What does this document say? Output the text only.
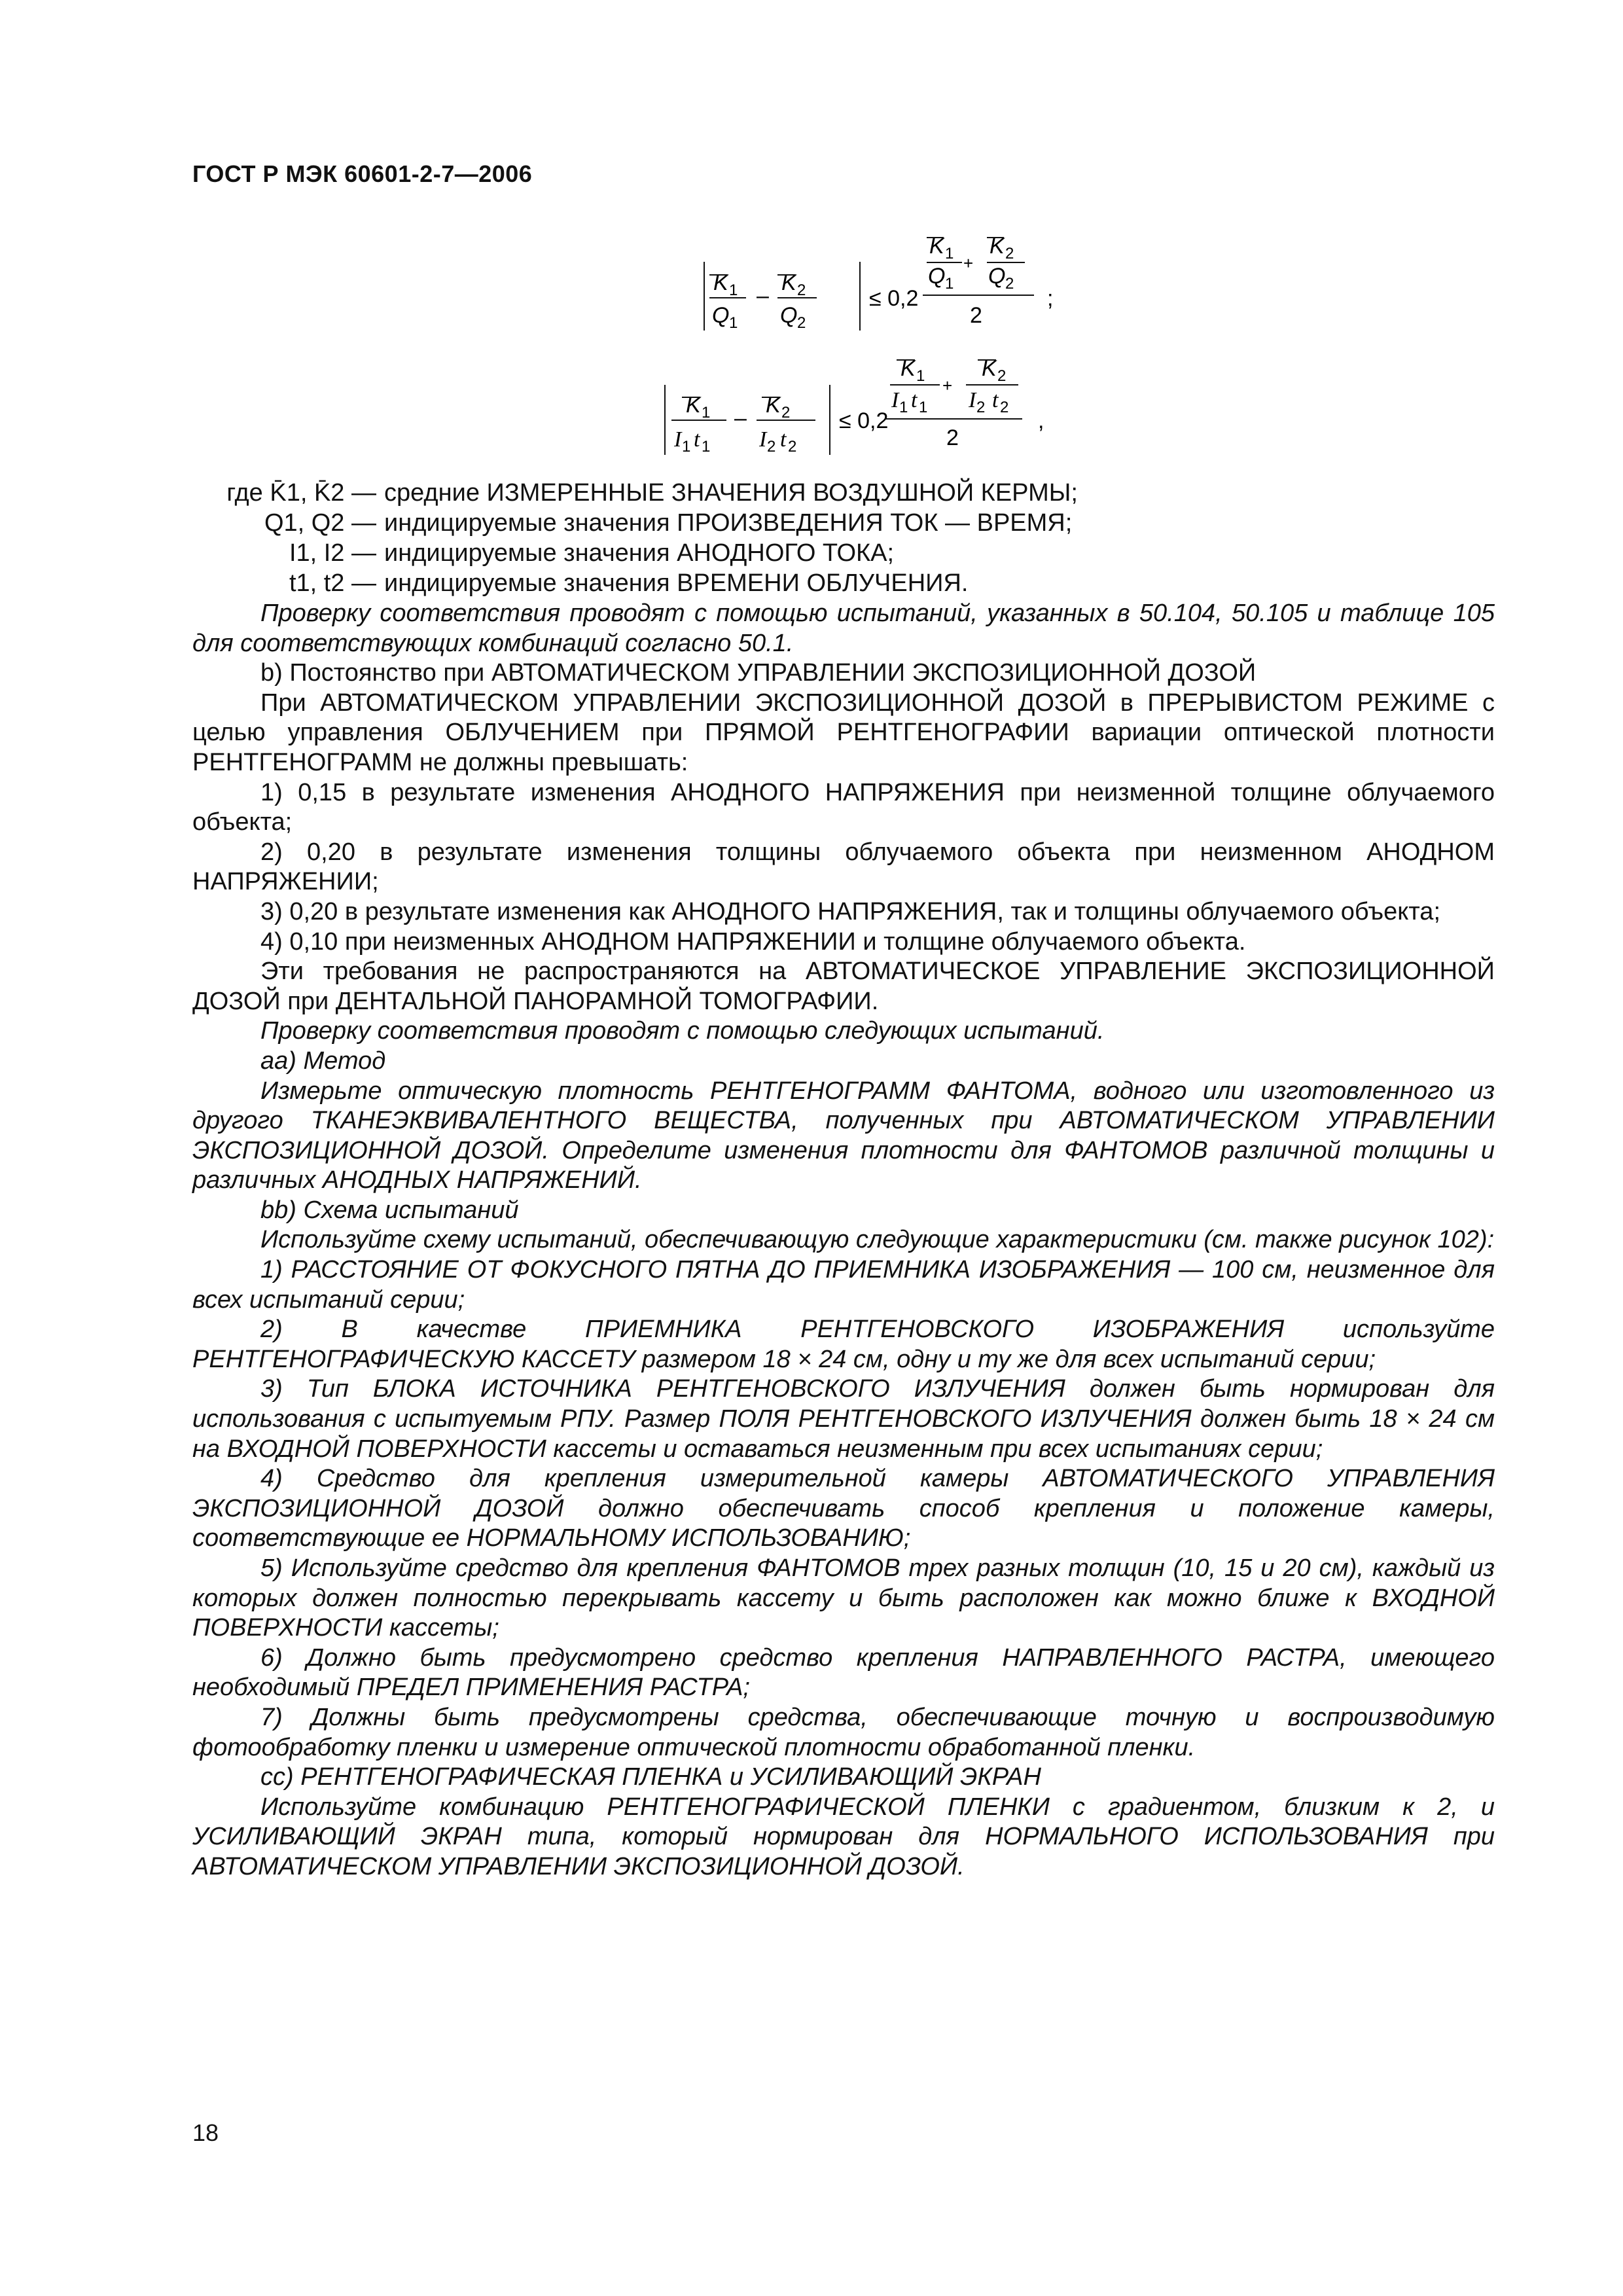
ГОСТ Р МЭК 60601-2-7—2006
K 1
Q 1
–
K 2
Q 2
≤ 0,2
K 1
Q 1
+
K 2
Q 2
2
;
K 1
I 1 t 1
–
K 2
I 2 t 2
≤ 0,2
K 1
I 1 t 1
+
K 2
I 2 t 2
2
,
где K̄1, K̄2 — средние ИЗМЕРЕННЫЕ ЗНАЧЕНИЯ ВОЗДУШНОЙ КЕРМЫ;
Q1, Q2 — индицируемые значения ПРОИЗВЕДЕНИЯ ТОК — ВРЕМЯ;
I1, I2 — индицируемые значения АНОДНОГО ТОКА;
t1, t2 — индицируемые значения ВРЕМЕНИ ОБЛУЧЕНИЯ.

Проверку соответствия проводят с помощью испытаний, указанных в 50.104, 50.105 и таблице 105 для соответствующих комбинаций согласно 50.1.

b) Постоянство при АВТОМАТИЧЕСКОМ УПРАВЛЕНИИ ЭКСПОЗИЦИОННОЙ ДОЗОЙ

При АВТОМАТИЧЕСКОМ УПРАВЛЕНИИ ЭКСПОЗИЦИОННОЙ ДОЗОЙ в ПРЕРЫВИСТОМ РЕЖИМЕ с целью управления ОБЛУЧЕНИЕМ при ПРЯМОЙ РЕНТГЕНОГРАФИИ вариации оптической плотности РЕНТГЕНОГРАММ не должны превышать:

1) 0,15 в результате изменения АНОДНОГО НАПРЯЖЕНИЯ при неизменной толщине облучаемого объекта;

2) 0,20 в результате изменения толщины облучаемого объекта при неизменном АНОДНОМ НАПРЯЖЕНИИ;

3) 0,20 в результате изменения как АНОДНОГО НАПРЯЖЕНИЯ, так и толщины облучаемого объекта;

4) 0,10 при неизменных АНОДНОМ НАПРЯЖЕНИИ и толщине облучаемого объекта.

Эти требования не распространяются на АВТОМАТИЧЕСКОЕ УПРАВЛЕНИЕ ЭКСПОЗИЦИОННОЙ ДОЗОЙ при ДЕНТАЛЬНОЙ ПАНОРАМНОЙ ТОМОГРАФИИ.

Проверку соответствия проводят с помощью следующих испытаний.

aa) Метод

Измерьте оптическую плотность РЕНТГЕНОГРАММ ФАНТОМА, водного или изготовленного из другого ТКАНЕЭКВИВАЛЕНТНОГО ВЕЩЕСТВА, полученных при АВТОМАТИЧЕСКОМ УПРАВЛЕНИИ ЭКСПОЗИЦИОННОЙ ДОЗОЙ. Определите изменения плотности для ФАНТОМОВ различной толщины и различных АНОДНЫХ НАПРЯЖЕНИЙ.

bb) Схема испытаний

Используйте схему испытаний, обеспечивающую следующие характеристики (см. также рисунок 102):

1) РАССТОЯНИЕ ОТ ФОКУСНОГО ПЯТНА ДО ПРИЕМНИКА ИЗОБРАЖЕНИЯ — 100 см, неизменное для всех испытаний серии;

2) В качестве ПРИЕМНИКА РЕНТГЕНОВСКОГО ИЗОБРАЖЕНИЯ используйте РЕНТГЕНОГРАФИЧЕСКУЮ КАССЕТУ размером 18 × 24 см, одну и ту же для всех испытаний серии;

3) Тип БЛОКА ИСТОЧНИКА РЕНТГЕНОВСКОГО ИЗЛУЧЕНИЯ должен быть нормирован для использования с испытуемым РПУ. Размер ПОЛЯ РЕНТГЕНОВСКОГО ИЗЛУЧЕНИЯ должен быть 18 × 24 см на ВХОДНОЙ ПОВЕРХНОСТИ кассеты и оставаться неизменным при всех испытаниях серии;

4) Средство для крепления измерительной камеры АВТОМАТИЧЕСКОГО УПРАВЛЕНИЯ ЭКСПОЗИЦИОННОЙ ДОЗОЙ должно обеспечивать способ крепления и положение камеры, соответствующие ее НОРМАЛЬНОМУ ИСПОЛЬЗОВАНИЮ;

5) Используйте средство для крепления ФАНТОМОВ трех разных толщин (10, 15 и 20 см), каждый из которых должен полностью перекрывать кассету и быть расположен как можно ближе к ВХОДНОЙ ПОВЕРХНОСТИ кассеты;

6) Должно быть предусмотрено средство крепления НАПРАВЛЕННОГО РАСТРА, имеющего необходимый ПРЕДЕЛ ПРИМЕНЕНИЯ РАСТРА;

7) Должны быть предусмотрены средства, обеспечивающие точную и воспроизводимую фотообработку пленки и измерение оптической плотности обработанной пленки.

cc) РЕНТГЕНОГРАФИЧЕСКАЯ ПЛЕНКА и УСИЛИВАЮЩИЙ ЭКРАН

Используйте комбинацию РЕНТГЕНОГРАФИЧЕСКОЙ ПЛЕНКИ с градиентом, близким к 2, и УСИЛИВАЮЩИЙ ЭКРАН типа, который нормирован для НОРМАЛЬНОГО ИСПОЛЬЗОВАНИЯ при АВТОМАТИЧЕСКОМ УПРАВЛЕНИИ ЭКСПОЗИЦИОННОЙ ДОЗОЙ.

18
